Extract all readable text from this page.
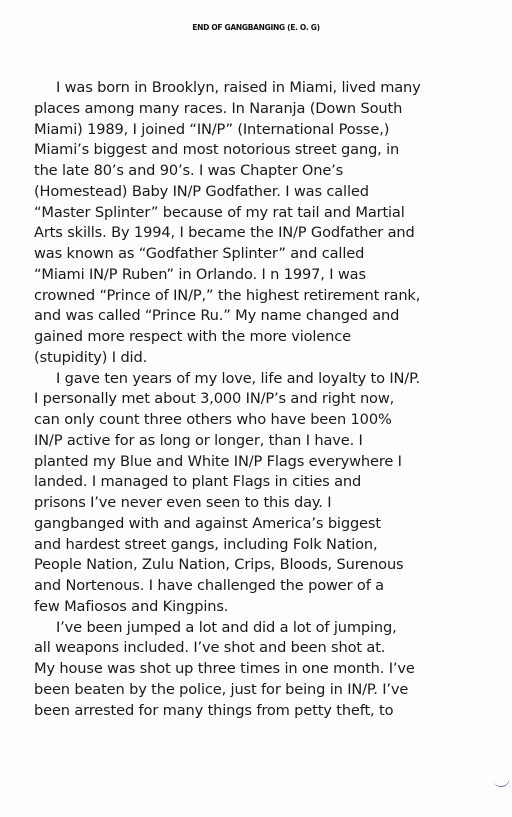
END OF GANGBANGING (E. O. G)
I was born in Brooklyn, raised in Miami, lived many
places among many races. In Naranja (Down South
Miami) 1989, I joined “IN/P” (International Posse,)
Miami’s biggest and most notorious street gang, in
the late 80’s and 90’s. I was Chapter One’s
(Homestead) Baby IN/P Godfather. I was called
“Master Splinter” because of my rat tail and Martial
Arts skills. By 1994, I became the IN/P Godfather and
was known as “Godfather Splinter” and called
“Miami IN/P Ruben” in Orlando. I n 1997, I was
crowned “Prince of IN/P,” the highest retirement rank,
and was called “Prince Ru.” My name changed and
gained more respect with the more violence
(stupidity) I did.
I gave ten years of my love, life and loyalty to IN/P.
I personally met about 3,000 IN/P’s and right now,
can only count three others who have been 100%
IN/P active for as long or longer, than I have. I
planted my Blue and White IN/P Flags everywhere I
landed. I managed to plant Flags in cities and
prisons I’ve never even seen to this day. I
gangbanged with and against America’s biggest
and hardest street gangs, including Folk Nation,
People Nation, Zulu Nation, Crips, Bloods, Surenous
and Nortenous. I have challenged the power of a
few Mafiosos and Kingpins.
I’ve been jumped a lot and did a lot of jumping,
all weapons included. I’ve shot and been shot at.
My house was shot up three times in one month. I’ve
been beaten by the police, just for being in IN/P. I’ve
been arrested for many things from petty theft, to
